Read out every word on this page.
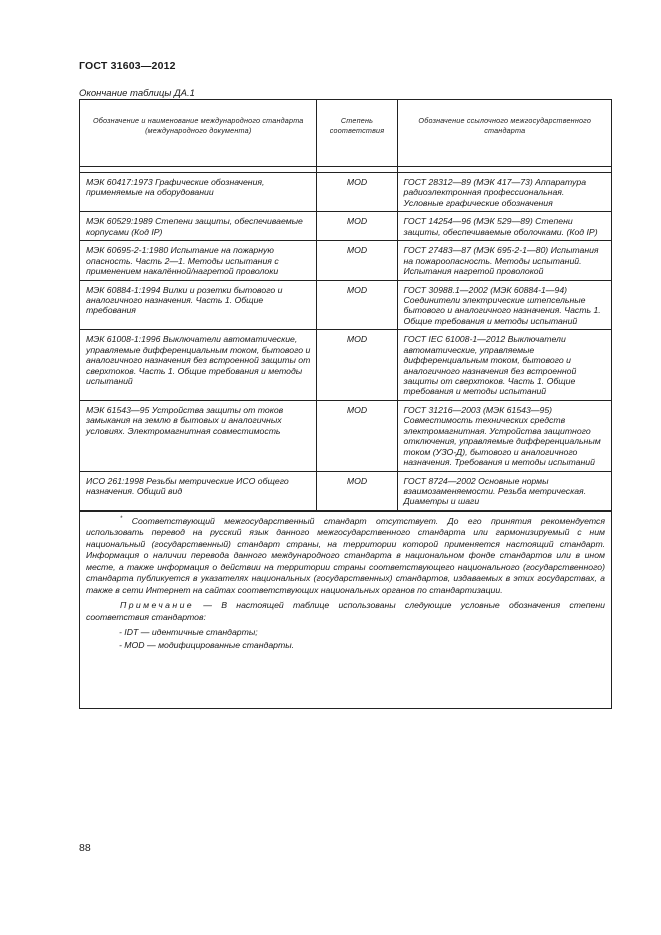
ГОСТ 31603—2012
Окончание таблицы ДА.1
Обозначение и наименование международного стандарта (международного документа)	Степень соответствия	Обозначение ссылочного межгосударственного стандарта

МЭК 60417:1973 Графические обозначения, применяемые на оборудовании	MOD	ГОСТ 28312—89 (МЭК 417—73) Аппаратура радиоэлектронная профессиональная. Условные графические обозначения
МЭК 60529:1989 Степени защиты, обеспечиваемые корпусами (Код IP)	MOD	ГОСТ 14254—96 (МЭК 529—89) Степени защиты, обеспечиваемые оболочками. (Код IP)
МЭК 60695-2-1:1980 Испытание на пожарную опасность. Часть 2—1. Методы испытания с применением накалённой/нагретой проволоки	MOD	ГОСТ 27483—87 (МЭК 695-2-1—80) Испытания на пожароопасность. Методы испытаний. Испытания нагретой проволокой
МЭК 60884-1:1994 Вилки и розетки бытового и аналогичного назначения. Часть 1. Общие требования	MOD	ГОСТ 30988.1—2002 (МЭК 60884-1—94) Соединители электрические штепсельные бытового и аналогичного назначения. Часть 1. Общие требования и методы испытаний
МЭК 61008-1:1996 Выключатели автоматические, управляемые дифференциальным током, бытового и аналогичного назначения без встроенной защиты от сверхтоков. Часть 1. Общие требования и методы испытаний	MOD	ГОСТ IEC 61008-1—2012 Выключатели автоматические, управляемые дифференциальным током, бытового и аналогичного назначения без встроенной защиты от сверхтоков. Часть 1. Общие требования и методы испытаний
МЭК 61543—95 Устройства защиты от токов замыкания на землю в бытовых и аналогичных условиях. Электромагнитная совместимость	MOD	ГОСТ 31216—2003 (МЭК 61543—95) Совместимость технических средств электромагнитная. Устройства защитного отключения, управляемые дифференциальным током (УЗО-Д), бытового и аналогичного назначения. Требования и методы испытаний
ИСО 261:1998 Резьбы метрические ИСО общего назначения. Общий вид	MOD	ГОСТ 8724—2002 Основные нормы взаимозаменяемости. Резьба метрическая. Диаметры и шаги

* Соответствующий межгосударственный стандарт отсутствует. До его принятия рекомендуется использовать перевод на русский язык данного межгосударственного стандарта или гармонизируемый с ним национальный (государственный) стандарт страны, на территории которой применяется настоящий стандарт. Информация о наличии перевода данного международного стандарта в национальном фонде стандартов или в ином месте, а также информация о действии на территории страны соответствующего национального (государственного) стандарта публикуется в указателях национальных (государственных) стандартов, издаваемых в этих государствах, а также в сети Интернет на сайтах соответствующих национальных органов по стандартизации.

Примечание — В настоящей таблице использованы следующие условные обозначения степени соответствия стандартов:

- IDT — идентичные стандарты;
- MOD — модифицированные стандарты.
88
